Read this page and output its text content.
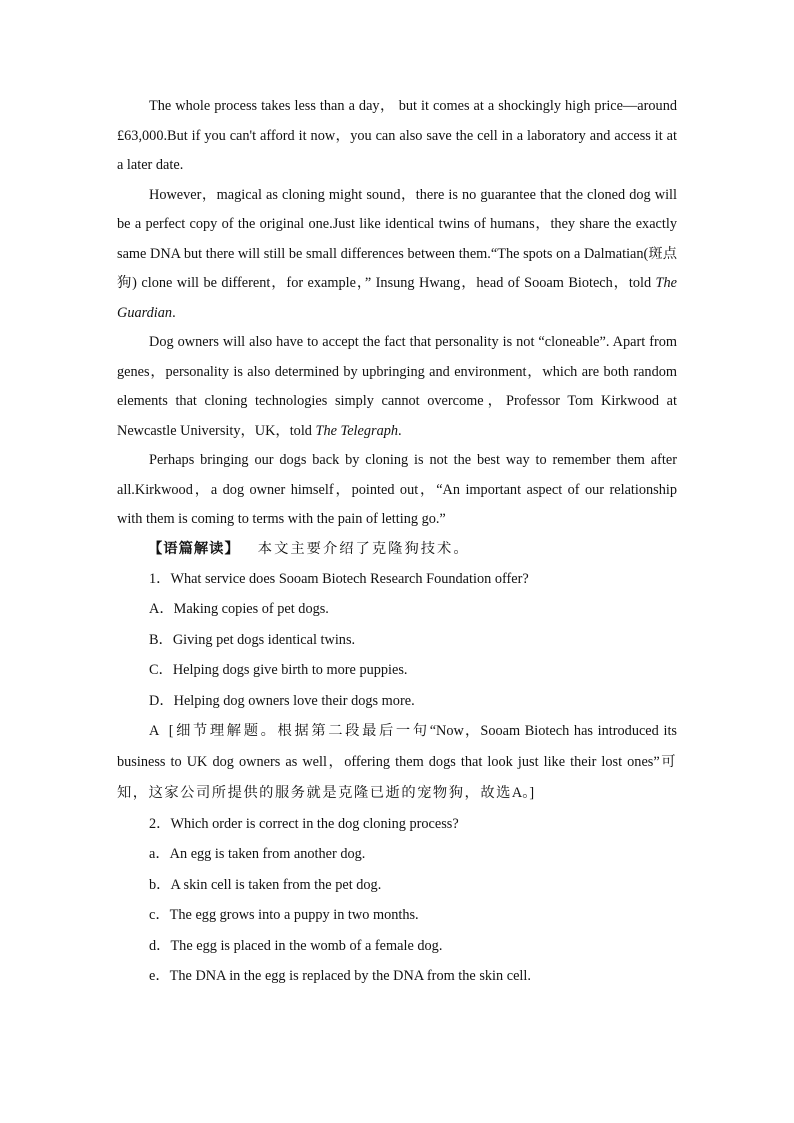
The whole process takes less than a day， but it comes at a shockingly high price—around £63,000.But if you can't afford it now，you can also save the cell in a laboratory and access it at a later date.

However，magical as cloning might sound，there is no guarantee that the cloned dog will be a perfect copy of the original one.Just like identical twins of humans，they share the exactly same DNA but there will still be small differences between them.“The spots on a Dalmatian(斑点狗) clone will be different，for example，” Insung Hwang，head of Sooam Biotech，told The Guardian.

Dog owners will also have to accept the fact that personality is not “cloneable”. Apart from genes，personality is also determined by upbringing and environment，which are both random elements that cloning technologies simply cannot overcome，Professor Tom Kirkwood at Newcastle University，UK，told The Telegraph.

Perhaps bringing our dogs back by cloning is not the best way to remember them after all.Kirkwood，a dog owner himself，pointed out，“An important aspect of our relationship with them is coming to terms with the pain of letting go.”

【语篇解读】 本文主要介绍了克隆狗技术。

1．What service does Sooam Biotech Research Foundation offer?

A．Making copies of pet dogs.

B．Giving pet dogs identical twins.

C．Helping dogs give birth to more puppies.

D．Helping dog owners love their dogs more.

A [细节理解题。根据第二段最后一句“Now，Sooam Biotech has introduced its business to UK dog owners as well，offering them dogs that look just like their lost ones”可知，这家公司所提供的服务就是克隆已逝的宠物狗，故选A。]

2．Which order is correct in the dog cloning process?

a．An egg is taken from another dog.

b．A skin cell is taken from the pet dog.

c．The egg grows into a puppy in two months.

d．The egg is placed in the womb of a female dog.

e．The DNA in the egg is replaced by the DNA from the skin cell.
